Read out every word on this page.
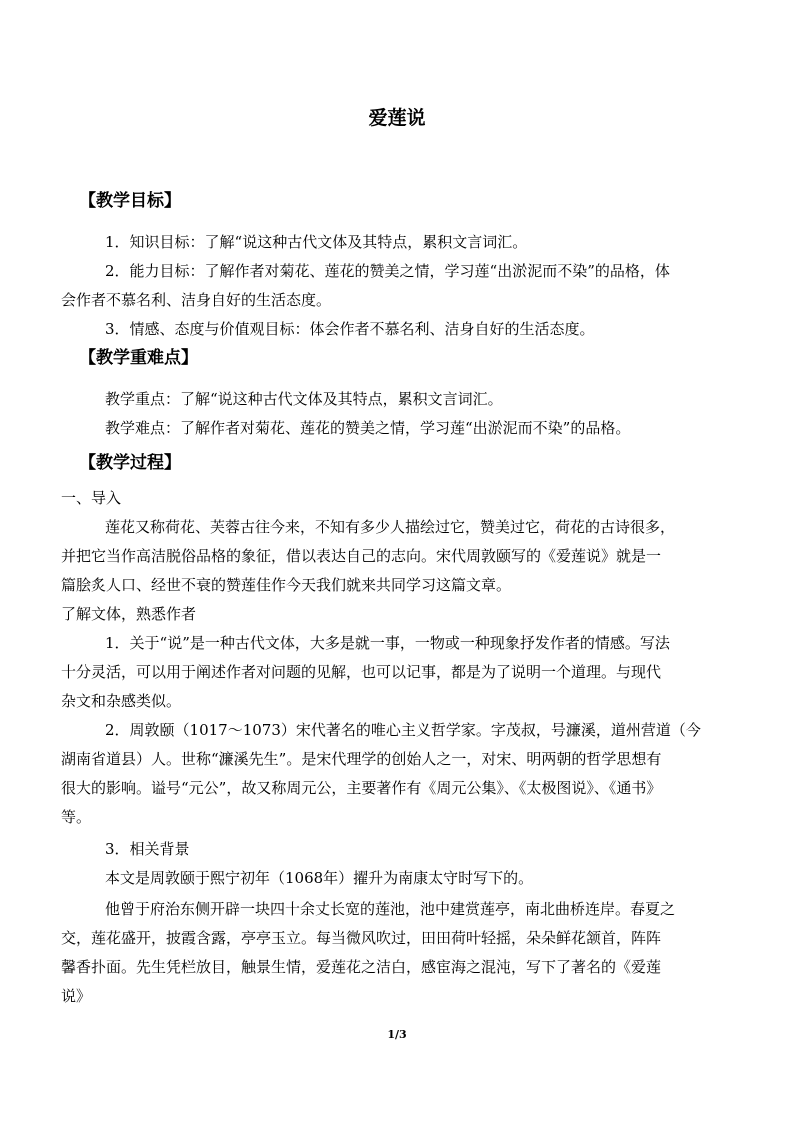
爱莲说
【教学目标】
1．知识目标：了解“说这种古代文体及其特点，累积文言词汇。
2．能力目标：了解作者对菊花、莲花的赞美之情，学习莲“出淤泥而不染”的品格，体
会作者不慕名利、洁身自好的生活态度。
3．情感、态度与价值观目标：体会作者不慕名利、洁身自好的生活态度。
【教学重难点】
教学重点：了解“说这种古代文体及其特点，累积文言词汇。
教学难点：了解作者对菊花、莲花的赞美之情，学习莲“出淤泥而不染”的品格。
【教学过程】
一、导入
莲花又称荷花、芙蓉古往今来，不知有多少人描绘过它，赞美过它，荷花的古诗很多，
并把它当作高洁脱俗品格的象征，借以表达自己的志向。宋代周敦颐写的《爱莲说》就是一
篇脍炙人口、经世不衰的赞莲佳作今天我们就来共同学习这篇文章。
了解文体，熟悉作者
1．关于“说”是一种古代文体，大多是就一事，一物或一种现象抒发作者的情感。写法
十分灵活，可以用于阐述作者对问题的见解，也可以记事，都是为了说明一个道理。与现代
杂文和杂感类似。
2．周敦颐（1017～1073）宋代著名的唯心主义哲学家。字茂叔，号濂溪，道州营道（今
湖南省道县）人。世称“濂溪先生”。是宋代理学的创始人之一，对宋、明两朝的哲学思想有
很大的影响。谥号“元公”，故又称周元公，主要著作有《周元公集》、《太极图说》、《通书》
等。
3．相关背景
本文是周敦颐于熙宁初年（1068年）擢升为南康太守时写下的。
他曾于府治东侧开辟一块四十余丈长宽的莲池，池中建赏莲亭，南北曲桥连岸。春夏之
交，莲花盛开，披霞含露，亭亭玉立。每当微风吹过，田田荷叶轻摇，朵朵鲜花颔首，阵阵
馨香扑面。先生凭栏放目，触景生情，爱莲花之洁白，感宦海之混沌，写下了著名的《爱莲
说》
1/3
